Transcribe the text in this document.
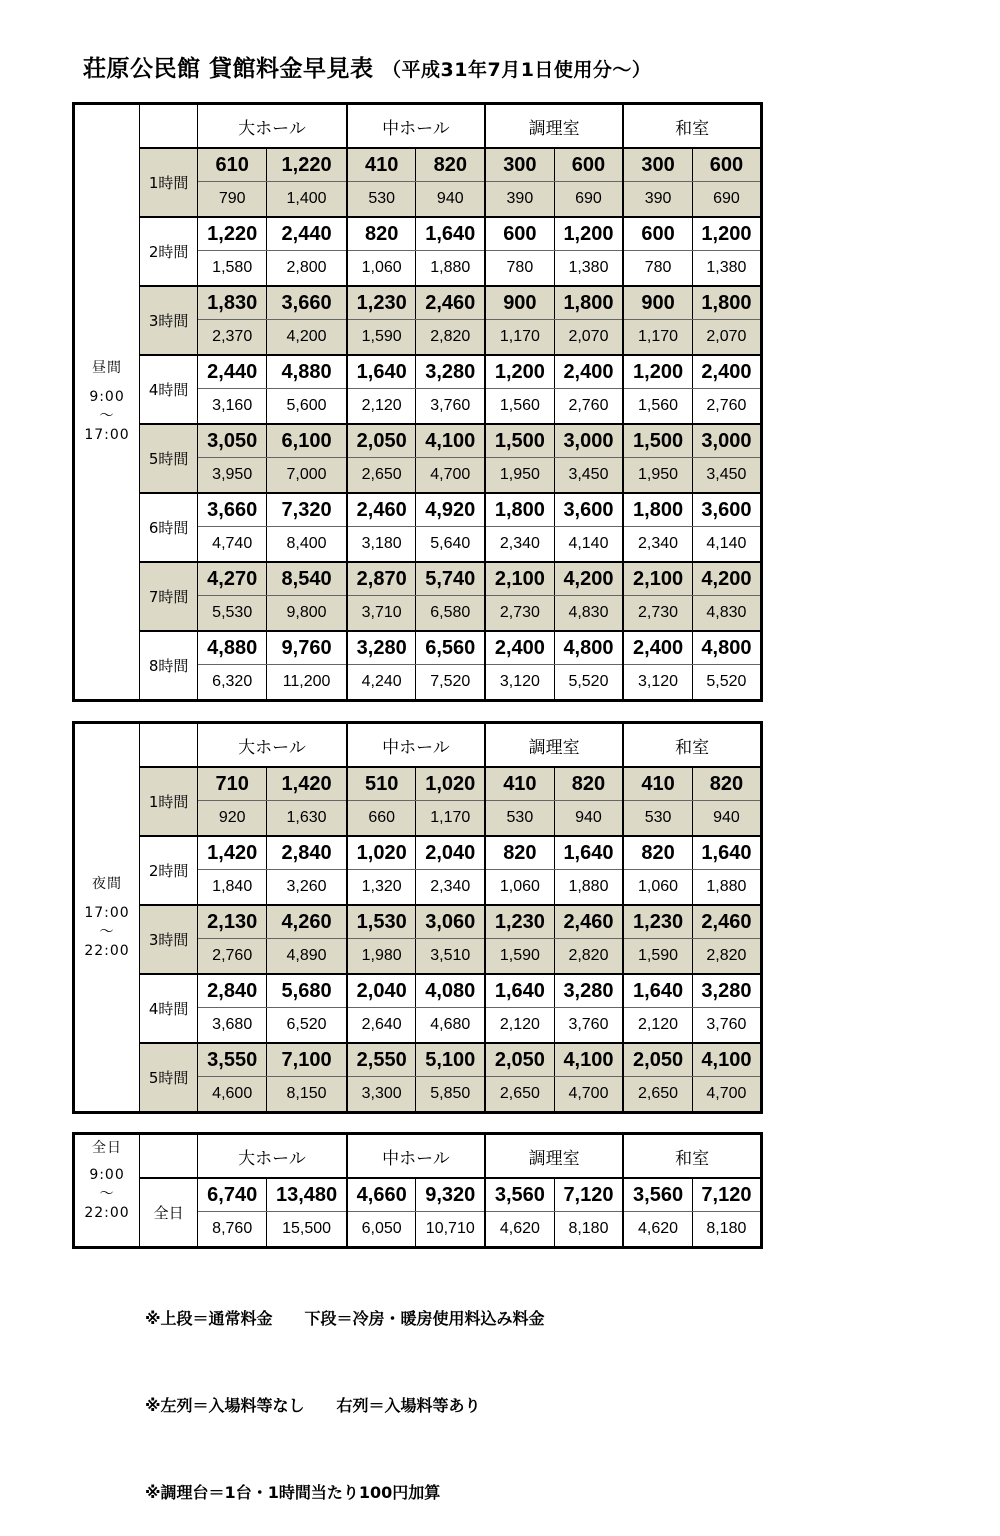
荘原公民館 貸館料金早見表 （平成31年7月1日使用分～）
昼間
9:00
～
17:00		大ホール		中ホール		調理室		和室	
	1時間	610	1,220	410	820	300	600	300	600
		790	1,400	530	940	390	690	390	690
	2時間	1,220	2,440	820	1,640	600	1,200	600	1,200
		1,580	2,800	1,060	1,880	780	1,380	780	1,380
	3時間	1,830	3,660	1,230	2,460	900	1,800	900	1,800
		2,370	4,200	1,590	2,820	1,170	2,070	1,170	2,070
	4時間	2,440	4,880	1,640	3,280	1,200	2,400	1,200	2,400
		3,160	5,600	2,120	3,760	1,560	2,760	1,560	2,760
	5時間	3,050	6,100	2,050	4,100	1,500	3,000	1,500	3,000
		3,950	7,000	2,650	4,700	1,950	3,450	1,950	3,450
	6時間	3,660	7,320	2,460	4,920	1,800	3,600	1,800	3,600
		4,740	8,400	3,180	5,640	2,340	4,140	2,340	4,140
	7時間	4,270	8,540	2,870	5,740	2,100	4,200	2,100	4,200
		5,530	9,800	3,710	6,580	2,730	4,830	2,730	4,830
	8時間	4,880	9,760	3,280	6,560	2,400	4,800	2,400	4,800
		6,320	11,200	4,240	7,520	3,120	5,520	3,120	5,520
夜間
17:00
～
22:00		大ホール		中ホール		調理室		和室	
	1時間	710	1,420	510	1,020	410	820	410	820
		920	1,630	660	1,170	530	940	530	940
	2時間	1,420	2,840	1,020	2,040	820	1,640	820	1,640
		1,840	3,260	1,320	2,340	1,060	1,880	1,060	1,880
	3時間	2,130	4,260	1,530	3,060	1,230	2,460	1,230	2,460
		2,760	4,890	1,980	3,510	1,590	2,820	1,590	2,820
	4時間	2,840	5,680	2,040	4,080	1,640	3,280	1,640	3,280
		3,680	6,520	2,640	4,680	2,120	3,760	2,120	3,760
	5時間	3,550	7,100	2,550	5,100	2,050	4,100	2,050	4,100
		4,600	8,150	3,300	5,850	2,650	4,700	2,650	4,700
全日
9:00
～
22:00		大ホール		中ホール		調理室		和室	
	全日	6,740	13,480	4,660	9,320	3,560	7,120	3,560	7,120
		8,760	15,500	6,050	10,710	4,620	8,180	4,620	8,180

※上段＝通常料金　　下段＝冷房・暖房使用料込み料金

※左列＝入場料等なし　　右列＝入場料等あり

※調理台＝1台・1時間当たり100円加算
